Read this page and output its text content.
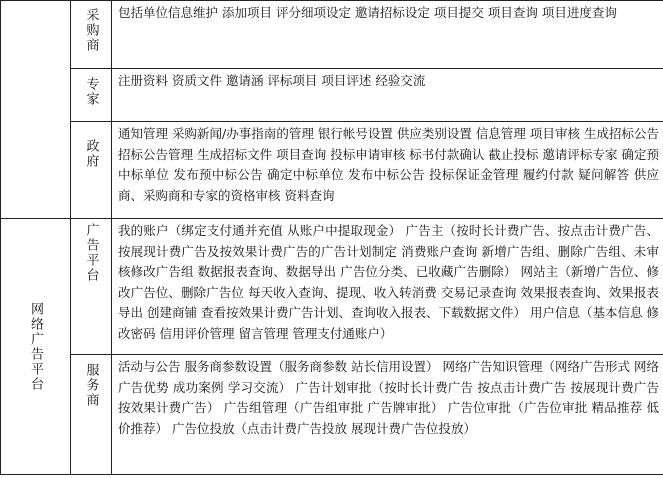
	采购商	包括单位信息维护 添加项目 评分细项设定 邀请招标设定 项目提交 项目查询 项目进度查询

	专家	注册资料 资质文件 邀请涵 评标项目 项目评述 经验交流

	政府	通知管理 采购新闻/办事指南的管理 银行帐号设置 供应类别设置 信息管理 项目审核 生成招标公告 招标公告管理 生成招标文件 项目查询 投标申请审核 标书付款确认 截止投标 邀请评标专家 确定预中标单位 发布预中标公告 确定中标单位 发布中标公告 投标保证金管理 履约付款 疑问解答 供应商、采购商和专家的资格审核 资料查询

网络广告平台	广告平台	我的账户（绑定支付通并充值 从账户中提取现金） 广告主（按时长计费广告、按点击计费广告、按展现计费广告及按效果计费广告的广告计划制定 消费账户查询 新增广告组、删除广告组、未审核修改广告组 数据报表查询、数据导出 广告位分类、已收藏广告删除） 网站主（新增广告位、修改广告位、删除广告位 每天收入查询、提现、收入转消费 交易记录查询 效果报表查询、效果报表导出 创建商铺 查看按效果计费广告计划、查询收入报表、下载数据文件） 用户信息（基本信息 修改密码 信用评价管理 留言管理 管理支付通账户）

	服务商	活动与公告 服务商参数设置（服务商参数 站长信用设置） 网络广告知识管理（网络广告形式 网络广告优势 成功案例 学习交流） 广告计划审批（按时长计费广告 按点击计费广告 按展现计费广告 按效果计费广告） 广告组管理（广告组审批 广告牌审批） 广告位审批（广告位审批 精品推荐 低价推荐） 广告位投放（点击计费广告投放 展现计费广告位投放）
